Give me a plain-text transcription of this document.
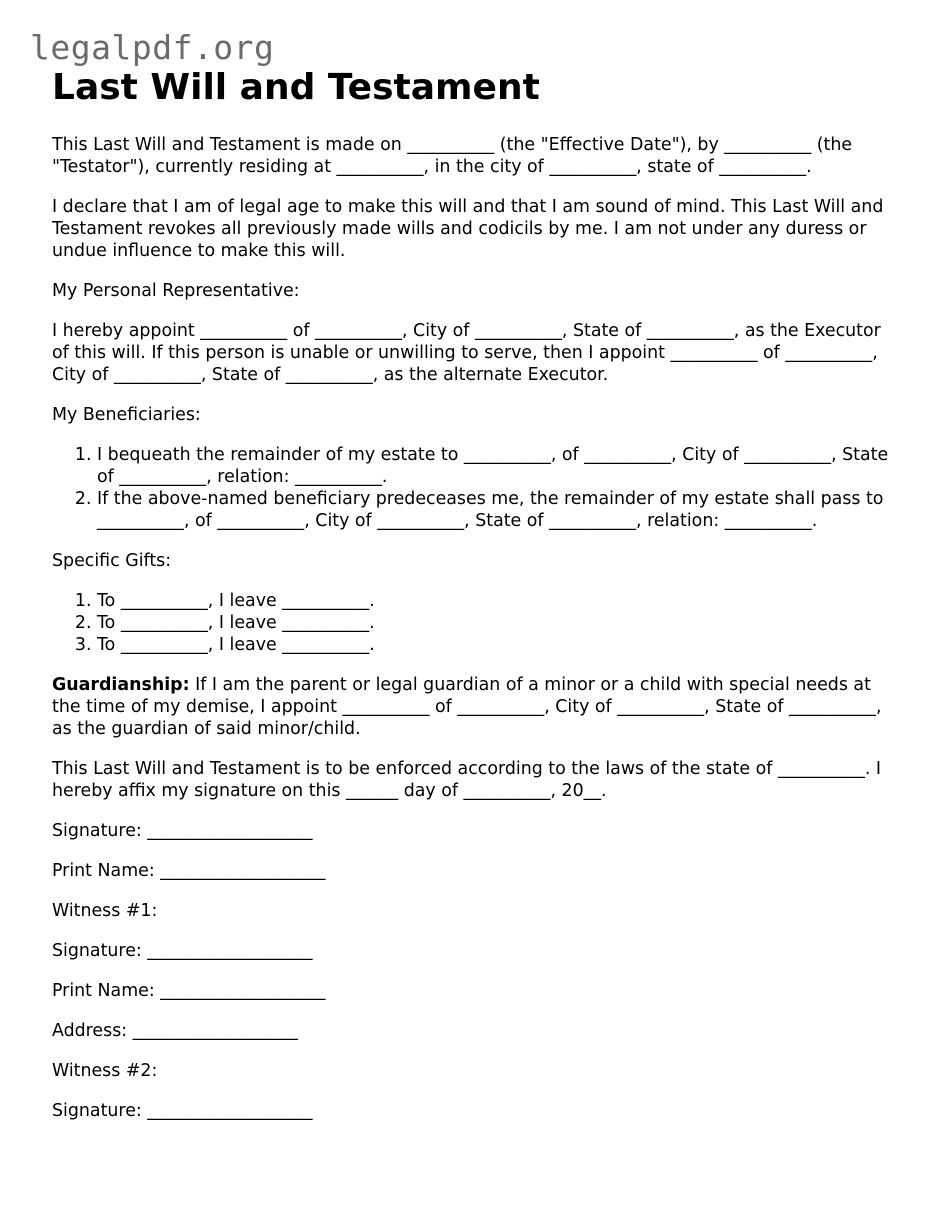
legalpdf.org
Last Will and Testament

This Last Will and Testament is made on __________ (the "Effective Date"), by __________ (the "Testator"), currently residing at __________, in the city of __________, state of __________.

I declare that I am of legal age to make this will and that I am sound of mind. This Last Will and Testament revokes all previously made wills and codicils by me. I am not under any duress or undue influence to make this will.

My Personal Representative:

I hereby appoint __________ of __________, City of __________, State of __________, as the Executor of this will. If this person is unable or unwilling to serve, then I appoint __________ of __________, City of __________, State of __________, as the alternate Executor.

My Beneficiaries:

1. I bequeath the remainder of my estate to __________, of __________, City of __________, State of __________, relation: __________.
2. If the above-named beneficiary predeceases me, the remainder of my estate shall pass to __________, of __________, City of __________, State of __________, relation: __________.

Specific Gifts:

1. To __________, I leave __________.
2. To __________, I leave __________.
3. To __________, I leave __________.

Guardianship: If I am the parent or legal guardian of a minor or a child with special needs at the time of my demise, I appoint __________ of __________, City of __________, State of __________, as the guardian of said minor/child.

This Last Will and Testament is to be enforced according to the laws of the state of __________. I hereby affix my signature on this ______ day of __________, 20__.

Signature: ___________________

Print Name: ___________________

Witness #1:

Signature: ___________________

Print Name: ___________________

Address: ___________________

Witness #2:

Signature: ___________________
